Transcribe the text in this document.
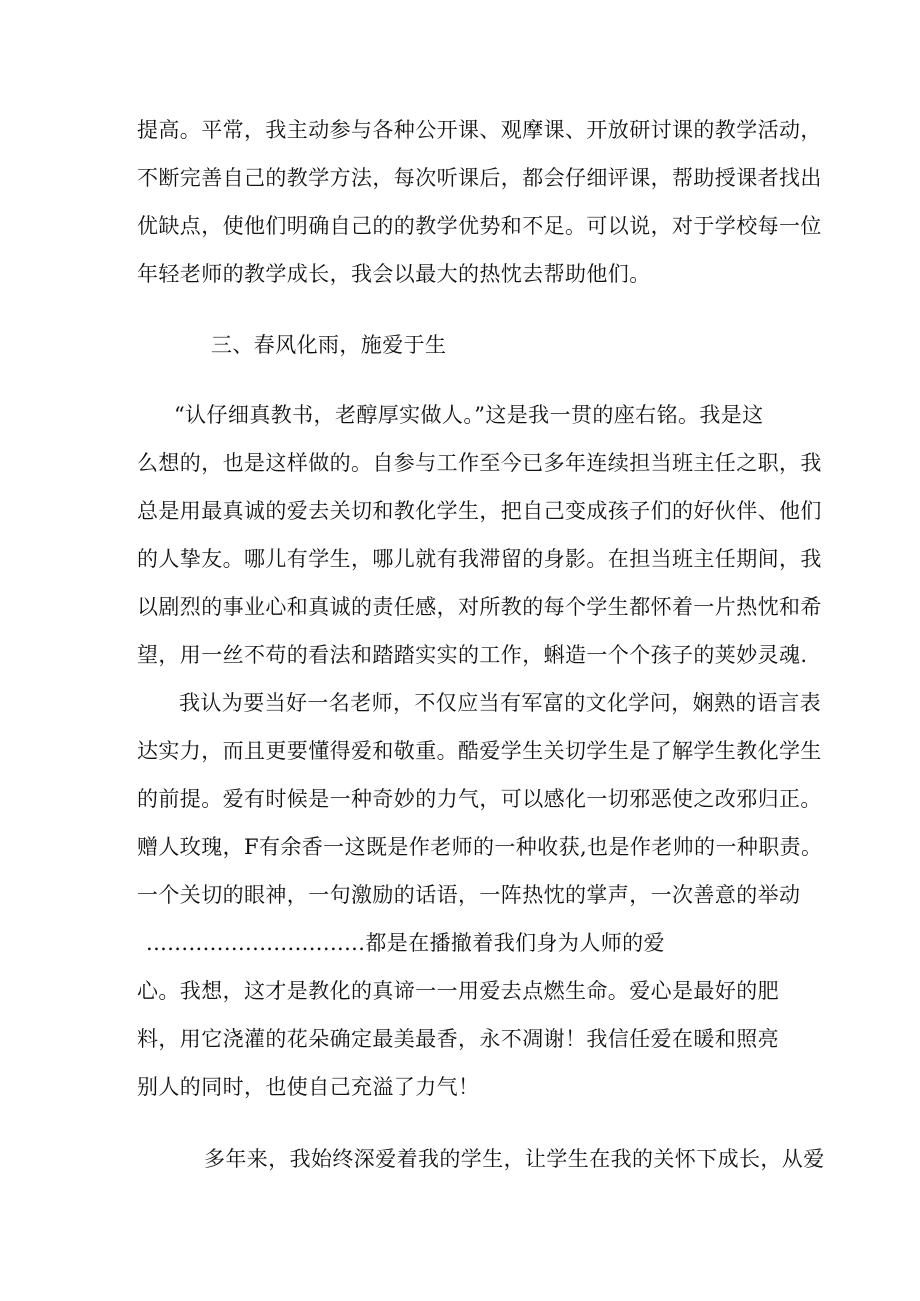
提高。平常，我主动参与各种公开课、观摩课、开放研讨课的教学活动，
不断完善自己的教学方法，每次听课后，都会仔细评课，帮助授课者找出
优缺点，使他们明确自己的的教学优势和不足。可以说，对于学校每一位
年轻老师的教学成长，我会以最大的热忱去帮助他们。
三、春风化雨，施爱于生
“认仔细真教书，老醇厚实做人。”这是我一贯的座右铭。我是这
么想的，也是这样做的。自参与工作至今已多年连续担当班主任之职，我
总是用最真诚的爱去关切和教化学生，把自己变成孩子们的好伙伴、他们
的人挚友。哪儿有学生，哪儿就有我滞留的身影。在担当班主任期间，我
以剧烈的事业心和真诚的责任感，对所教的每个学生都怀着一片热忱和希
望，用一丝不苟的看法和踏踏实实的工作，蝌造一个个孩子的荚妙灵魂.
我认为要当好一名老师，不仅应当有军富的文化学问，娴熟的语言表
达实力，而且更要懂得爱和敬重。酷爱学生关切学生是了解学生教化学生
的前提。爱有时候是一种奇妙的力气，可以感化一切邪恶使之改邪归正。
赠人玫瑰，F有余香一这既是作老师的一种收获,也是作老帅的一种职责。
一个关切的眼神，一句激励的话语，一阵热忱的掌声，一次善意的举动
...............................都是在播撤着我们身为人师的爱
心。我想，这才是教化的真谛一一用爱去点燃生命。爱心是最好的肥
料，用它浇灌的花朵确定最美最香，永不凋谢！我信任爱在暖和照亮
别人的同时，也使自己充溢了力气！
多年来，我始终深爱着我的学生，让学生在我的关怀下成长，从爱
